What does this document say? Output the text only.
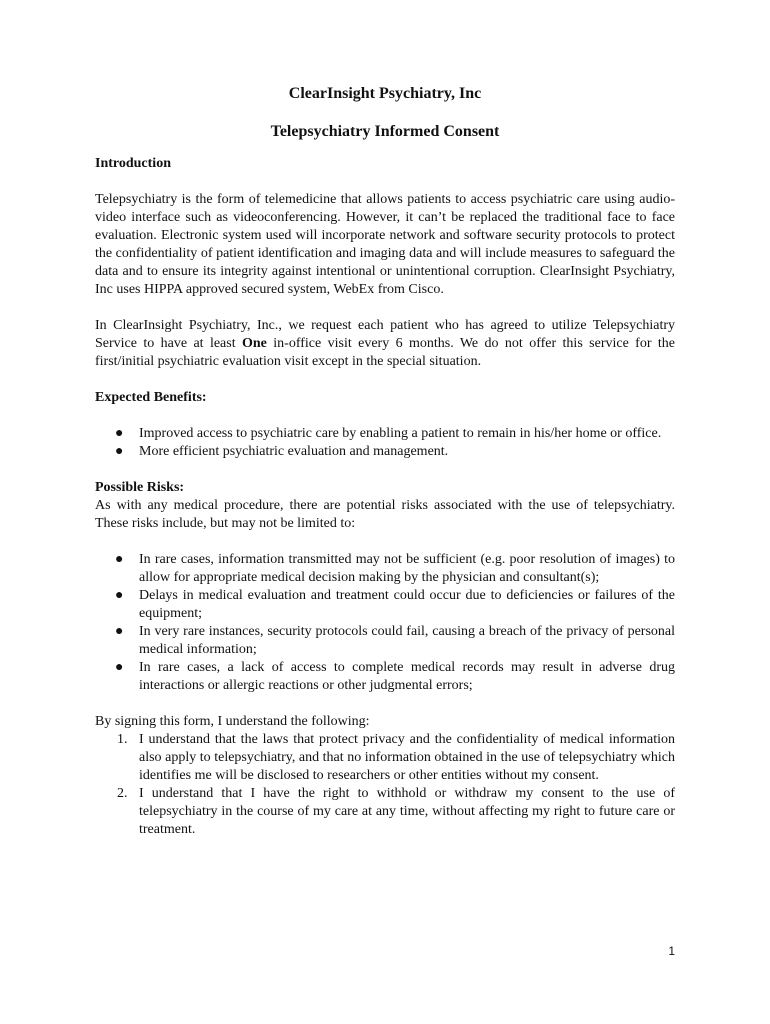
ClearInsight Psychiatry, Inc
Telepsychiatry Informed Consent
Introduction

Telepsychiatry is the form of telemedicine that allows patients to access psychiatric care using audio-video interface such as videoconferencing. However, it can’t be replaced the traditional face to face evaluation. Electronic system used will incorporate network and software security protocols to protect the confidentiality of patient identification and imaging data and will include measures to safeguard the data and to ensure its integrity against intentional or unintentional corruption. ClearInsight Psychiatry, Inc uses HIPPA approved secured system, WebEx from Cisco.

In ClearInsight Psychiatry, Inc., we request each patient who has agreed to utilize Telepsychiatry Service to have at least One in-office visit every 6 months. We do not offer this service for the first/initial psychiatric evaluation visit except in the special situation.

Expected Benefits:
●	Improved access to psychiatric care by enabling a patient to remain in his/her home or office.
●	More efficient psychiatric evaluation and management.
Possible Risks:

As with any medical procedure, there are potential risks associated with the use of telepsychiatry. These risks include, but may not be limited to:

●	In rare cases, information transmitted may not be sufficient (e.g. poor resolution of images) to allow for appropriate medical decision making by the physician and consultant(s);
●	Delays in medical evaluation and treatment could occur due to deficiencies or failures of the equipment;
●	In very rare instances, security protocols could fail, causing a breach of the privacy of personal medical information;
●	In rare cases, a lack of access to complete medical records may result in adverse drug interactions or allergic reactions or other judgmental errors;

By signing this form, I understand the following:

1. I understand that the laws that protect privacy and the confidentiality of medical information also apply to telepsychiatry, and that no information obtained in the use of telepsychiatry which identifies me will be disclosed to researchers or other entities without my consent.
2. I understand that I have the right to withhold or withdraw my consent to the use of telepsychiatry in the course of my care at any time, without affecting my right to future care or treatment.
1
